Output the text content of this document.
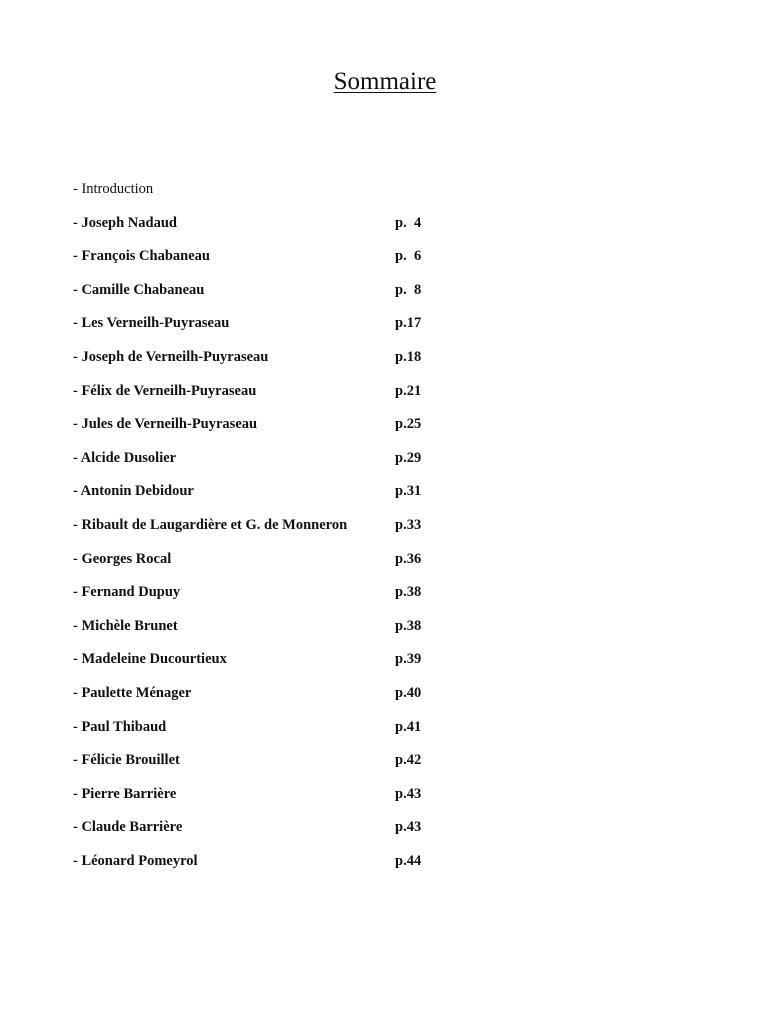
Sommaire
- Introduction
- Joseph Nadaud	p.  4
- François Chabaneau	p.  6
- Camille Chabaneau	p.  8
- Les Verneilh-Puyraseau	p.17
- Joseph de Verneilh-Puyraseau	p.18
- Félix de Verneilh-Puyraseau	p.21
- Jules de Verneilh-Puyraseau	p.25
- Alcide Dusolier	p.29
- Antonin Debidour	p.31
- Ribault de Laugardière et G. de Monneron	p.33
- Georges Rocal	p.36
- Fernand Dupuy	p.38
- Michèle Brunet	p.38
- Madeleine Ducourtieux	p.39
- Paulette Ménager	p.40
- Paul Thibaud	p.41
- Félicie Brouillet	p.42
- Pierre Barrière	p.43
- Claude Barrière	p.43
- Léonard Pomeyrol	p.44
